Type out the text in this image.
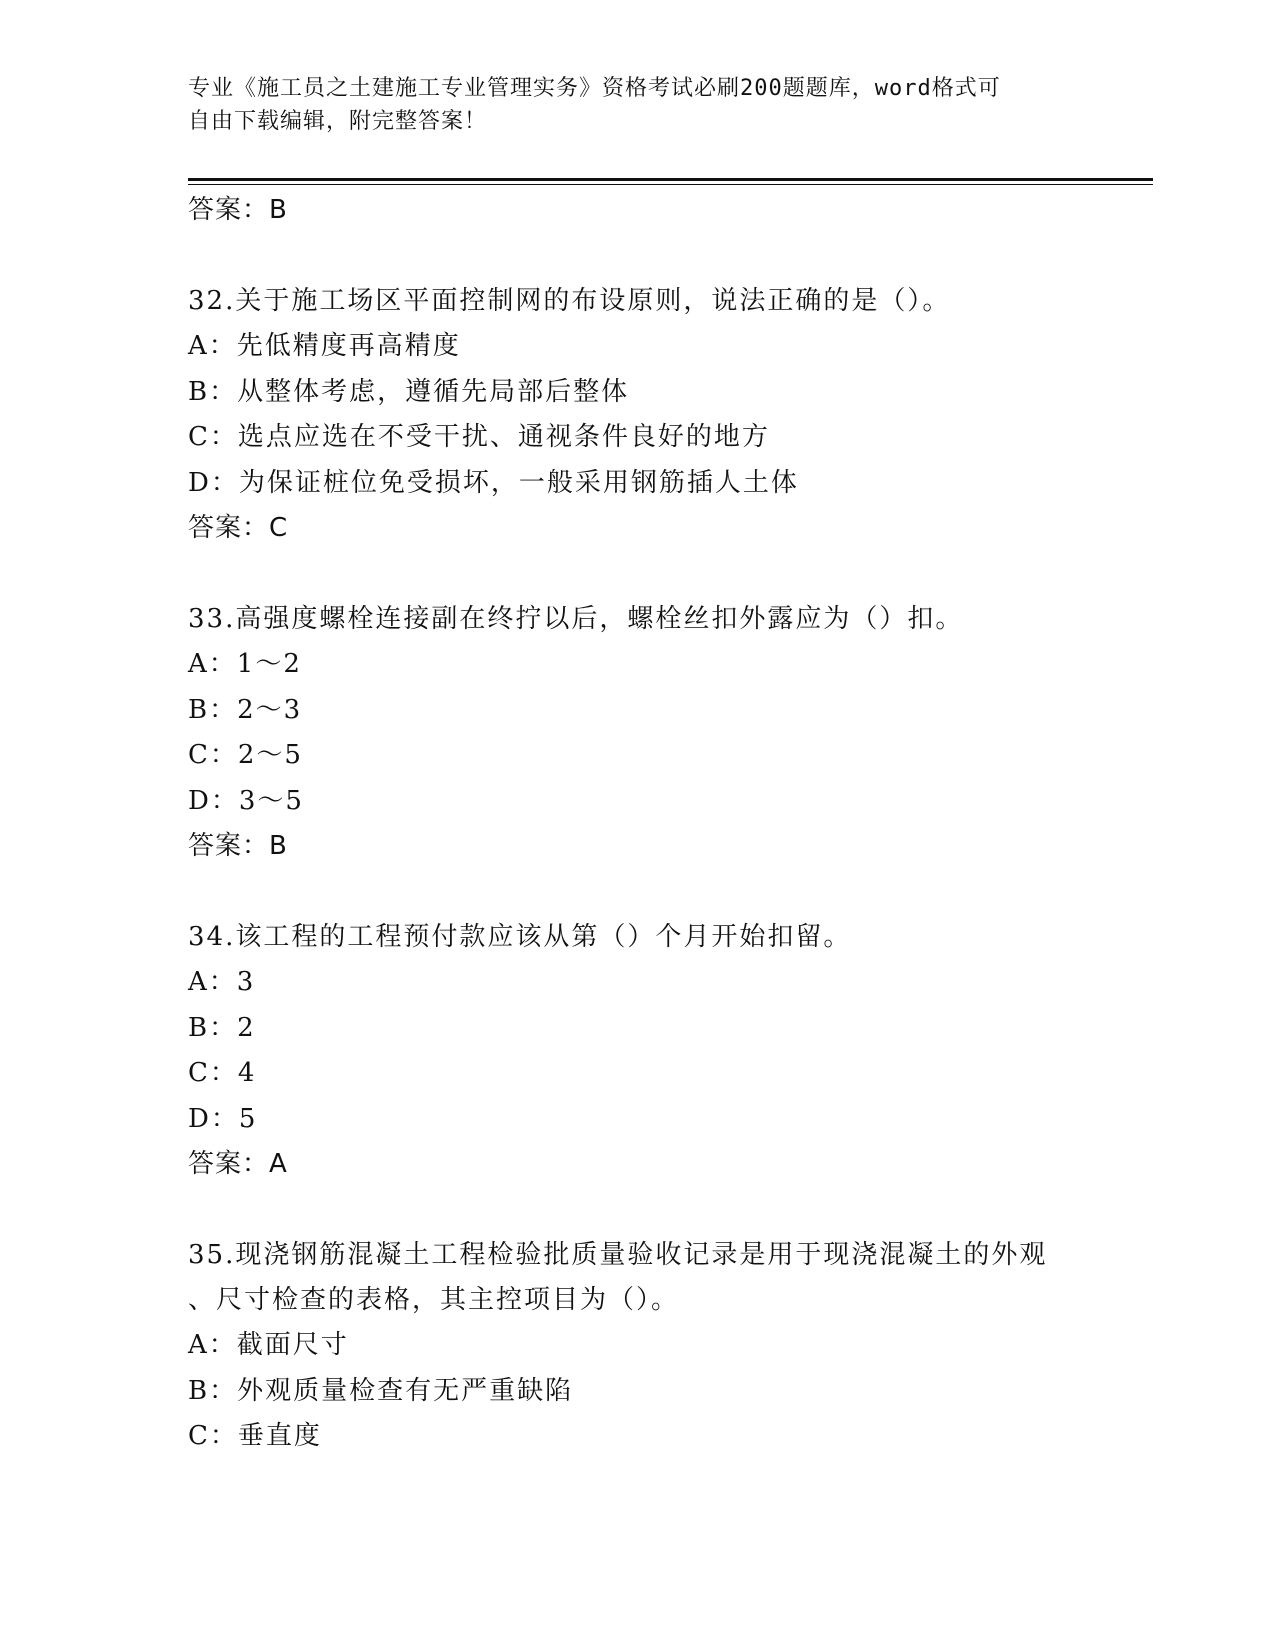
专业《施工员之土建施工专业管理实务》资格考试必刷200题题库，word格式可
自由下载编辑，附完整答案！
答案：B
32.关于施工场区平面控制网的布设原则，说法正确的是（）。
A：先低精度再高精度
B：从整体考虑，遵循先局部后整体
C：选点应选在不受干扰、通视条件良好的地方
D：为保证桩位免受损坏，一般采用钢筋插人土体
答案：C
33.高强度螺栓连接副在终拧以后，螺栓丝扣外露应为（）扣。
A：1～2
B：2～3
C：2～5
D：3～5
答案：B
34.该工程的工程预付款应该从第（）个月开始扣留。
A：3
B：2
C：4
D：5
答案：A
35.现浇钢筋混凝土工程检验批质量验收记录是用于现浇混凝土的外观
、尺寸检查的表格，其主控项目为（）。
A：截面尺寸
B：外观质量检查有无严重缺陷
C：垂直度
